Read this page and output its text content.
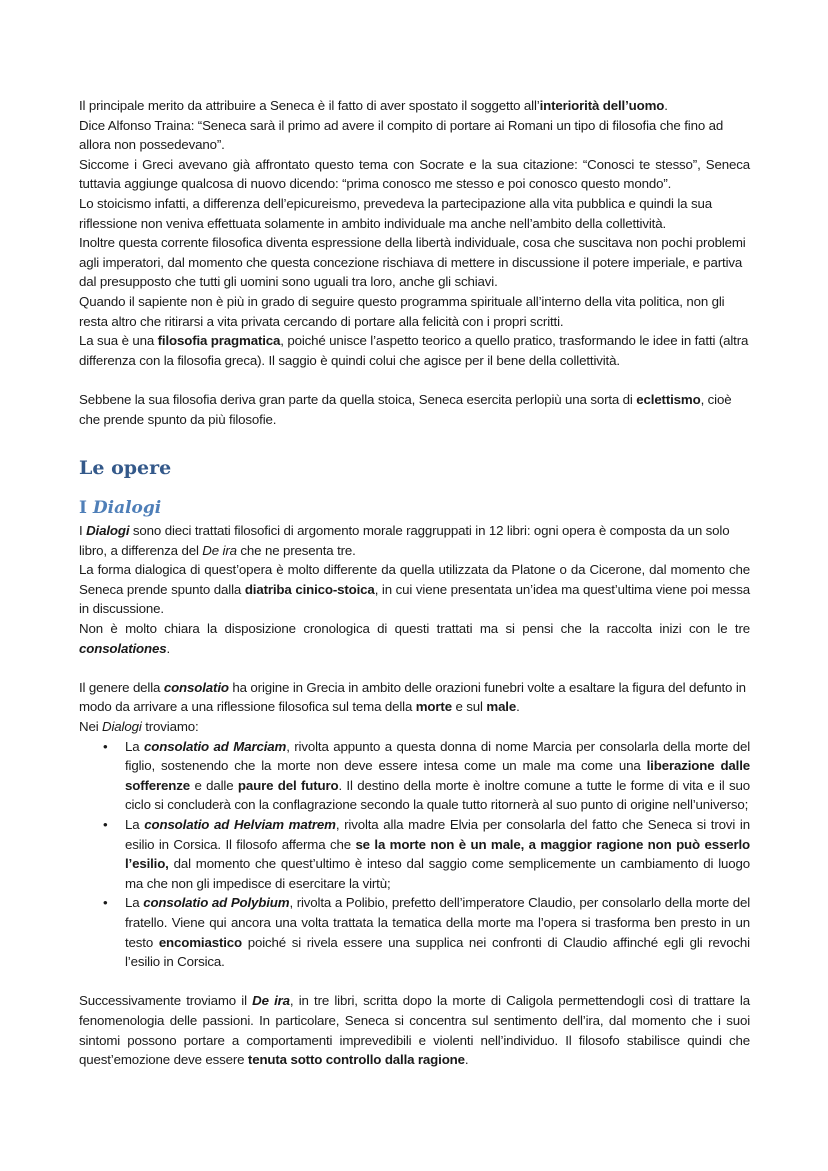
Il principale merito da attribuire a Seneca è il fatto di aver spostato il soggetto all’interiorità dell’uomo.

Dice Alfonso Traina: “Seneca sarà il primo ad avere il compito di portare ai Romani un tipo di filosofia che fino ad allora non possedevano”.

Siccome i Greci avevano già affrontato questo tema con Socrate e la sua citazione: “Conosci te stesso”, Seneca tuttavia aggiunge qualcosa di nuovo dicendo: “prima conosco me stesso e poi conosco questo mondo”.

Lo stoicismo infatti, a differenza dell’epicureismo, prevedeva la partecipazione alla vita pubblica e quindi la sua riflessione non veniva effettuata solamente in ambito individuale ma anche nell’ambito della collettività.

Inoltre questa corrente filosofica diventa espressione della libertà individuale, cosa che suscitava non pochi problemi agli imperatori, dal momento che questa concezione rischiava di mettere in discussione il potere imperiale, e partiva dal presupposto che tutti gli uomini sono uguali tra loro, anche gli schiavi.

Quando il sapiente non è più in grado di seguire questo programma spirituale all’interno della vita politica, non gli resta altro che ritirarsi a vita privata cercando di portare alla felicità con i propri scritti.

La sua è una filosofia pragmatica, poiché unisce l’aspetto teorico a quello pratico, trasformando le idee in fatti (altra differenza con la filosofia greca). Il saggio è quindi colui che agisce per il bene della collettività.

Sebbene la sua filosofia deriva gran parte da quella stoica, Seneca esercita perlopiù una sorta di eclettismo, cioè che prende spunto da più filosofie.

Le opere
I Dialogi

I Dialogi sono dieci trattati filosofici di argomento morale raggruppati in 12 libri: ogni opera è composta da un solo libro, a differenza del De ira che ne presenta tre.

La forma dialogica di quest’opera è molto differente da quella utilizzata da Platone o da Cicerone, dal momento che Seneca prende spunto dalla diatriba cinico-stoica, in cui viene presentata un’idea ma quest’ultima viene poi messa in discussione.

Non è molto chiara la disposizione cronologica di questi trattati ma si pensi che la raccolta inizi con le tre consolationes.

Il genere della consolatio ha origine in Grecia in ambito delle orazioni funebri volte a esaltare la figura del defunto in modo da arrivare a una riflessione filosofica sul tema della morte e sul male.

Nei Dialogi troviamo:

• La consolatio ad Marciam, rivolta appunto a questa donna di nome Marcia per consolarla della morte del figlio, sostenendo che la morte non deve essere intesa come un male ma come una liberazione dalle sofferenze e dalle paure del futuro. Il destino della morte è inoltre comune a tutte le forme di vita e il suo ciclo si concluderà con la conflagrazione secondo la quale tutto ritornerà al suo punto di origine nell’universo;
• La consolatio ad Helviam matrem, rivolta alla madre Elvia per consolarla del fatto che Seneca si trovi in esilio in Corsica. Il filosofo afferma che se la morte non è un male, a maggior ragione non può esserlo l’esilio, dal momento che quest’ultimo è inteso dal saggio come semplicemente un cambiamento di luogo ma che non gli impedisce di esercitare la virtù;
• La consolatio ad Polybium, rivolta a Polibio, prefetto dell’imperatore Claudio, per consolarlo della morte del fratello. Viene qui ancora una volta trattata la tematica della morte ma l’opera si trasforma ben presto in un testo encomiastico poiché si rivela essere una supplica nei confronti di Claudio affinché egli gli revochi l’esilio in Corsica.

Successivamente troviamo il De ira, in tre libri, scritta dopo la morte di Caligola permettendogli così di trattare la fenomenologia delle passioni. In particolare, Seneca si concentra sul sentimento dell’ira, dal momento che i suoi sintomi possono portare a comportamenti imprevedibili e violenti nell’individuo. Il filosofo stabilisce quindi che quest’emozione deve essere tenuta sotto controllo dalla ragione.
